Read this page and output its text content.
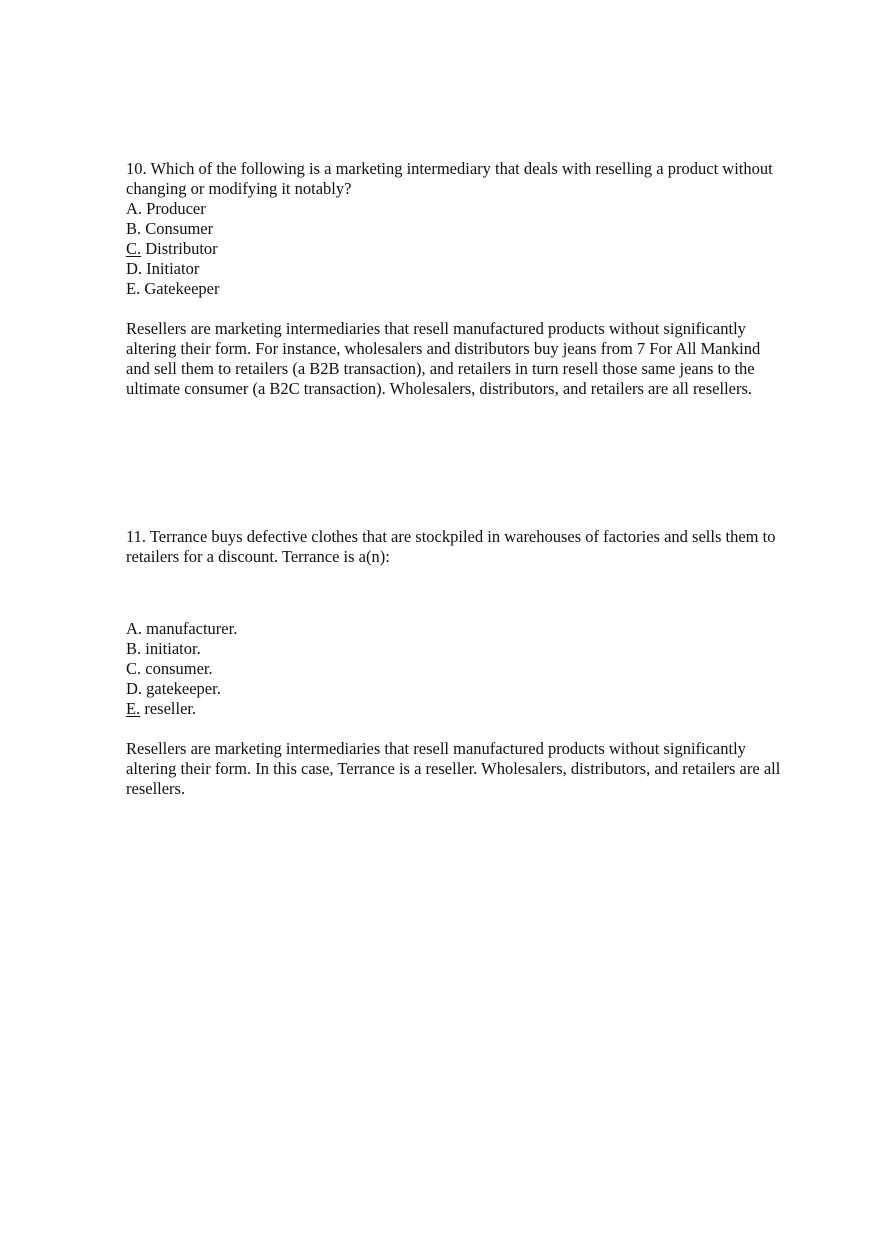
10. Which of the following is a marketing intermediary that deals with reselling a product without changing or modifying it notably?

A. Producer
B. Consumer
C. Distributor
D. Initiator
E. Gatekeeper

Resellers are marketing intermediaries that resell manufactured products without significantly altering their form. For instance, wholesalers and distributors buy jeans from 7 For All Mankind and sell them to retailers (a B2B transaction), and retailers in turn resell those same jeans to the ultimate consumer (a B2C transaction). Wholesalers, distributors, and retailers are all resellers.

11. Terrance buys defective clothes that are stockpiled in warehouses of factories and sells them to retailers for a discount. Terrance is a(n):

A. manufacturer.
B. initiator.
C. consumer.
D. gatekeeper.
E. reseller.

Resellers are marketing intermediaries that resell manufactured products without significantly altering their form. In this case, Terrance is a reseller. Wholesalers, distributors, and retailers are all resellers.
